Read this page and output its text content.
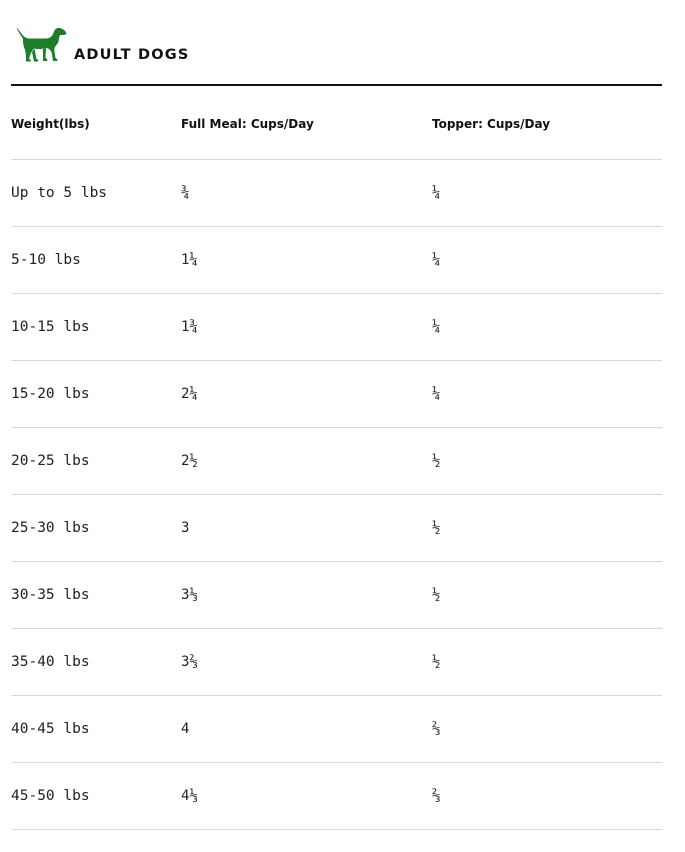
ADULT DOGS
Weight(lbs)	Full Meal: Cups/Day	Topper: Cups/Day
Up to 5 lbs	¾	¼
5-10 lbs	1¼	¼
10-15 lbs	1¾	¼
15-20 lbs	2¼	¼
20-25 lbs	2½	½
25-30 lbs	3	½
30-35 lbs	3⅓	½
35-40 lbs	3⅔	½
40-45 lbs	4	⅔
45-50 lbs	4⅓	⅔
